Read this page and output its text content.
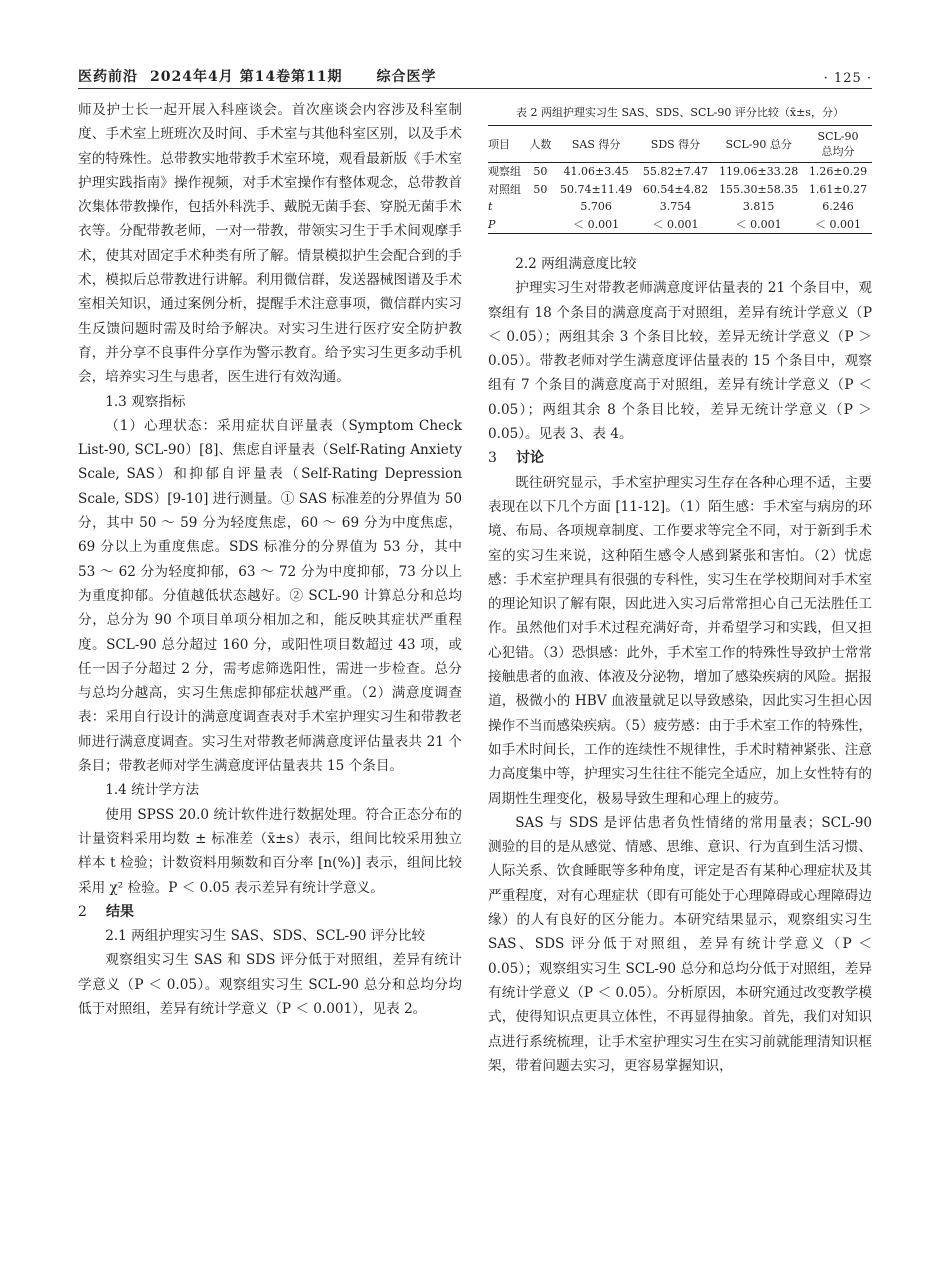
医药前沿 2024年4月 第14卷第11期 综合医学	· 125 ·

师及护士长一起开展入科座谈会。首次座谈会内容涉及科室制度、手术室上班班次及时间、手术室与其他科室区别，以及手术室的特殊性。总带教实地带教手术室环境，观看最新版《手术室护理实践指南》操作视频，对手术室操作有整体观念，总带教首次集体带教操作，包括外科洗手、戴脱无菌手套、穿脱无菌手术衣等。分配带教老师，一对一带教，带领实习生于手术间观摩手术，使其对固定手术种类有所了解。情景模拟护生会配合到的手术，模拟后总带教进行讲解。利用微信群，发送器械图谱及手术室相关知识，通过案例分析，提醒手术注意事项，微信群内实习生反馈问题时需及时给予解决。对实习生进行医疗安全防护教育，并分享不良事件分享作为警示教育。给予实习生更多动手机会，培养实习生与患者，医生进行有效沟通。

1.3 观察指标

（1）心理状态：采用症状自评量表（Symptom Check List-90, SCL-90）[8]、焦虑自评量表（Self-Rating Anxiety Scale, SAS）和抑郁自评量表（Self-Rating Depression Scale, SDS）[9-10] 进行测量。① SAS 标准差的分界值为 50 分，其中 50 ～ 59 分为轻度焦虑，60 ～ 69 分为中度焦虑，69 分以上为重度焦虑。SDS 标准分的分界值为 53 分，其中 53 ～ 62 分为轻度抑郁，63 ～ 72 分为中度抑郁，73 分以上为重度抑郁。分值越低状态越好。② SCL-90 计算总分和总均分，总分为 90 个项目单项分相加之和，能反映其症状严重程度。SCL-90 总分超过 160 分，或阳性项目数超过 43 项，或任一因子分超过 2 分，需考虑筛选阳性，需进一步检查。总分与总均分越高，实习生焦虑抑郁症状越严重。（2）满意度调查表：采用自行设计的满意度调查表对手术室护理实习生和带教老师进行满意度调查。实习生对带教老师满意度评估量表共 21 个条目；带教老师对学生满意度评估量表共 15 个条目。

1.4 统计学方法

使用 SPSS 20.0 统计软件进行数据处理。符合正态分布的计量资料采用均数 ± 标准差（x̄±s）表示，组间比较采用独立样本 t 检验；计数资料用频数和百分率 [n(%)] 表示，组间比较采用 χ² 检验。P ＜ 0.05 表示差异有统计学意义。

2 结果

2.1 两组护理实习生 SAS、SDS、SCL-90 评分比较

观察组实习生 SAS 和 SDS 评分低于对照组，差异有统计学意义（P ＜ 0.05）。观察组实习生 SCL-90 总分和总均分均低于对照组，差异有统计学意义（P ＜ 0.001），见表 2。

表 2 两组护理实习生 SAS、SDS、SCL-90 评分比较（x̄±s，分）
项目	人数	SAS 得分	SDS 得分	SCL-90 总分	SCL-90
总均分
观察组	50	41.06±3.45	55.82±7.47	119.06±33.28	1.26±0.29
对照组	50	50.74±11.49	60.54±4.82	155.30±58.35	1.61±0.27
t		5.706	3.754	3.815	6.246
P		＜ 0.001	＜ 0.001	＜ 0.001	＜ 0.001

2.2 两组满意度比较

护理实习生对带教老师满意度评估量表的 21 个条目中，观察组有 18 个条目的满意度高于对照组，差异有统计学意义（P ＜ 0.05）；两组其余 3 个条目比较，差异无统计学意义（P ＞ 0.05）。带教老师对学生满意度评估量表的 15 个条目中，观察组有 7 个条目的满意度高于对照组，差异有统计学意义（P ＜ 0.05）；两组其余 8 个条目比较，差异无统计学意义（P ＞ 0.05）。见表 3、表 4。

3 讨论

既往研究显示，手术室护理实习生存在各种心理不适，主要表现在以下几个方面 [11-12]。（1）陌生感：手术室与病房的环境、布局、各项规章制度、工作要求等完全不同，对于新到手术室的实习生来说，这种陌生感令人感到紧张和害怕。（2）忧虑感：手术室护理具有很强的专科性，实习生在学校期间对手术室的理论知识了解有限，因此进入实习后常常担心自己无法胜任工作。虽然他们对手术过程充满好奇，并希望学习和实践，但又担心犯错。（3）恐惧感：此外，手术室工作的特殊性导致护士常常接触患者的血液、体液及分泌物，增加了感染疾病的风险。据报道，极微小的 HBV 血液量就足以导致感染，因此实习生担心因操作不当而感染疾病。（5）疲劳感：由于手术室工作的特殊性，如手术时间长，工作的连续性不规律性，手术时精神紧张、注意力高度集中等，护理实习生往往不能完全适应，加上女性特有的周期性生理变化，极易导致生理和心理上的疲劳。

SAS 与 SDS 是评估患者负性情绪的常用量表；SCL-90 测验的目的是从感觉、情感、思维、意识、行为直到生活习惯、人际关系、饮食睡眠等多种角度，评定是否有某种心理症状及其严重程度，对有心理症状（即有可能处于心理障碍或心理障碍边缘）的人有良好的区分能力。本研究结果显示，观察组实习生 SAS、SDS 评分低于对照组，差异有统计学意义（P ＜ 0.05）；观察组实习生 SCL-90 总分和总均分低于对照组，差异有统计学意义（P ＜ 0.05）。分析原因，本研究通过改变教学模式，使得知识点更具立体性，不再显得抽象。首先，我们对知识点进行系统梳理，让手术室护理实习生在实习前就能理清知识框架，带着问题去实习，更容易掌握知识，
